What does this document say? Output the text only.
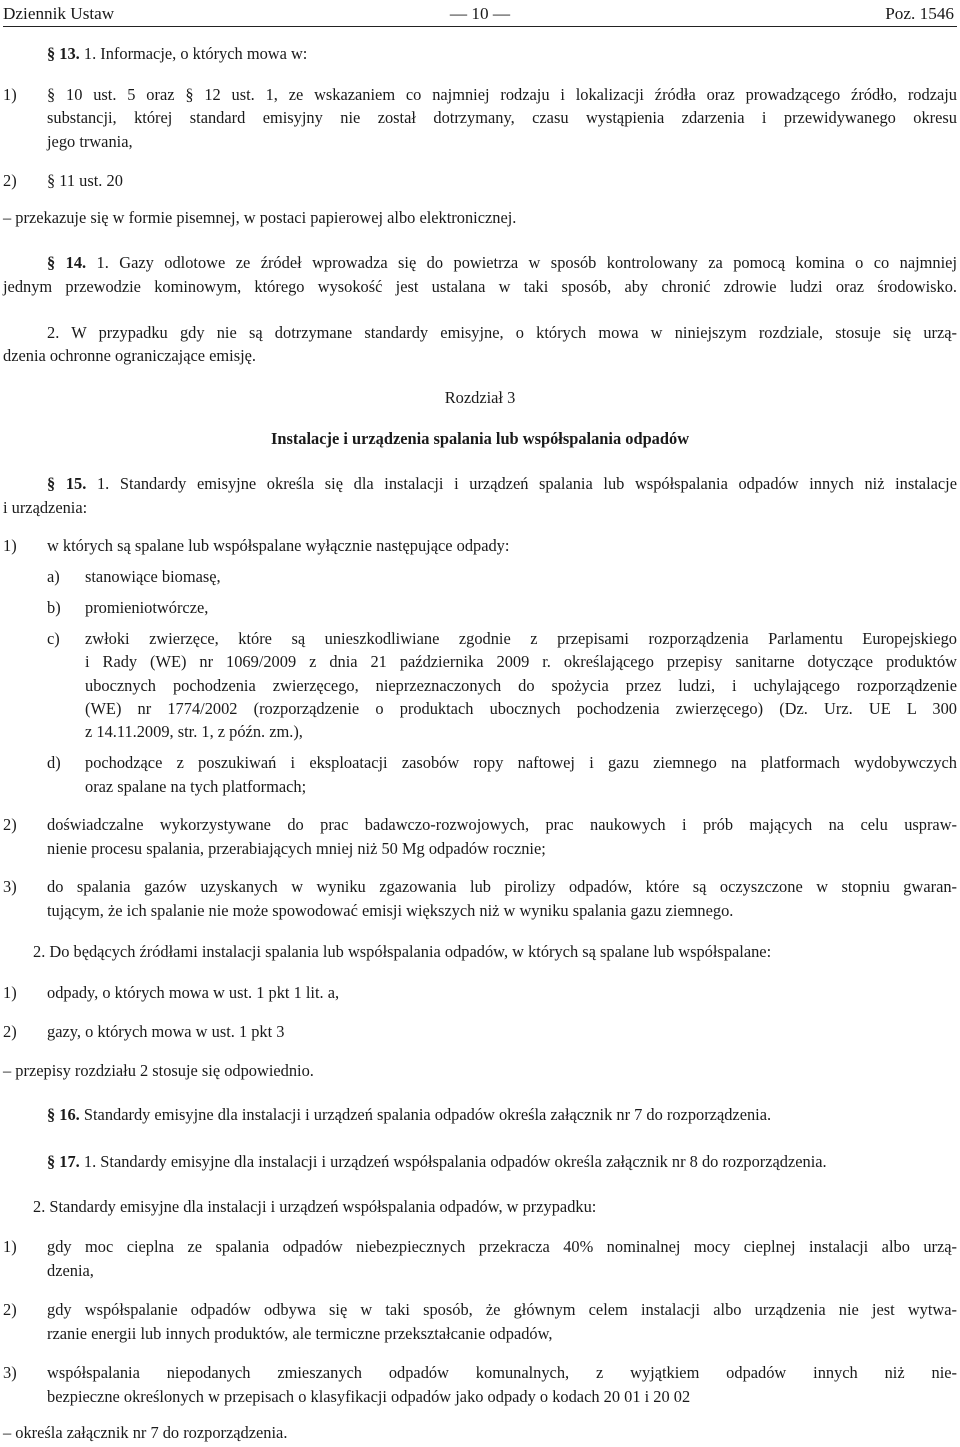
Dziennik Ustaw	— 10 —	Poz. 1546
§ 13. 1. Informacje, o których mowa w:
1) § 10 ust. 5 oraz § 12 ust. 1, ze wskazaniem co najmniej rodzaju i lokalizacji źródła oraz prowadzącego źródło, rodzaju
substancji, której standard emisyjny nie został dotrzymany, czasu wystąpienia zdarzenia i przewidywanego okresu
jego trwania,
2) § 11 ust. 20
– przekazuje się w formie pisemnej, w postaci papierowej albo elektronicznej.
§ 14. 1. Gazy odlotowe ze źródeł wprowadza się do powietrza w sposób kontrolowany za pomocą komina o co najmniej
jednym przewodzie kominowym, którego wysokość jest ustalana w taki sposób, aby chronić zdrowie ludzi oraz środowisko.
2. W przypadku gdy nie są dotrzymane standardy emisyjne, o których mowa w niniejszym rozdziale, stosuje się urzą-
dzenia ochronne ograniczające emisję.
Rozdział 3
Instalacje i urządzenia spalania lub współspalania odpadów
§ 15. 1. Standardy emisyjne określa się dla instalacji i urządzeń spalania lub współspalania odpadów innych niż instalacje
i urządzenia:
1) w których są spalane lub współspalane wyłącznie następujące odpady:
a) stanowiące biomasę,
b) promieniotwórcze,
c) zwłoki zwierzęce, które są unieszkodliwiane zgodnie z przepisami rozporządzenia Parlamentu Europejskiego
i Rady (WE) nr 1069/2009 z dnia 21 października 2009 r. określającego przepisy sanitarne dotyczące produktów
ubocznych pochodzenia zwierzęcego, nieprzeznaczonych do spożycia przez ludzi, i uchylającego rozporządzenie
(WE) nr 1774/2002 (rozporządzenie o produktach ubocznych pochodzenia zwierzęcego) (Dz. Urz. UE L 300
z 14.11.2009, str. 1, z późn. zm.),
d) pochodzące z poszukiwań i eksploatacji zasobów ropy naftowej i gazu ziemnego na platformach wydobywczych
oraz spalane na tych platformach;
2) doświadczalne wykorzystywane do prac badawczo-rozwojowych, prac naukowych i prób mających na celu uspraw-
nienie procesu spalania, przerabiających mniej niż 50 Mg odpadów rocznie;
3) do spalania gazów uzyskanych w wyniku zgazowania lub pirolizy odpadów, które są oczyszczone w stopniu gwaran-
tującym, że ich spalanie nie może spowodować emisji większych niż w wyniku spalania gazu ziemnego.
2. Do będących źródłami instalacji spalania lub współspalania odpadów, w których są spalane lub współspalane:
1) odpady, o których mowa w ust. 1 pkt 1 lit. a,
2) gazy, o których mowa w ust. 1 pkt 3
– przepisy rozdziału 2 stosuje się odpowiednio.
§ 16. Standardy emisyjne dla instalacji i urządzeń spalania odpadów określa załącznik nr 7 do rozporządzenia.
§ 17. 1. Standardy emisyjne dla instalacji i urządzeń współspalania odpadów określa załącznik nr 8 do rozporządzenia.
2. Standardy emisyjne dla instalacji i urządzeń współspalania odpadów, w przypadku:
1) gdy moc cieplna ze spalania odpadów niebezpiecznych przekracza 40% nominalnej mocy cieplnej instalacji albo urzą-
dzenia,
2) gdy współspalanie odpadów odbywa się w taki sposób, że głównym celem instalacji albo urządzenia nie jest wytwa-
rzanie energii lub innych produktów, ale termiczne przekształcanie odpadów,
3) współspalania niepodanych zmieszanych odpadów komunalnych, z wyjątkiem odpadów innych niż nie-
bezpieczne określonych w przepisach o klasyfikacji odpadów jako odpady o kodach 20 01 i 20 02
– określa załącznik nr 7 do rozporządzenia.
